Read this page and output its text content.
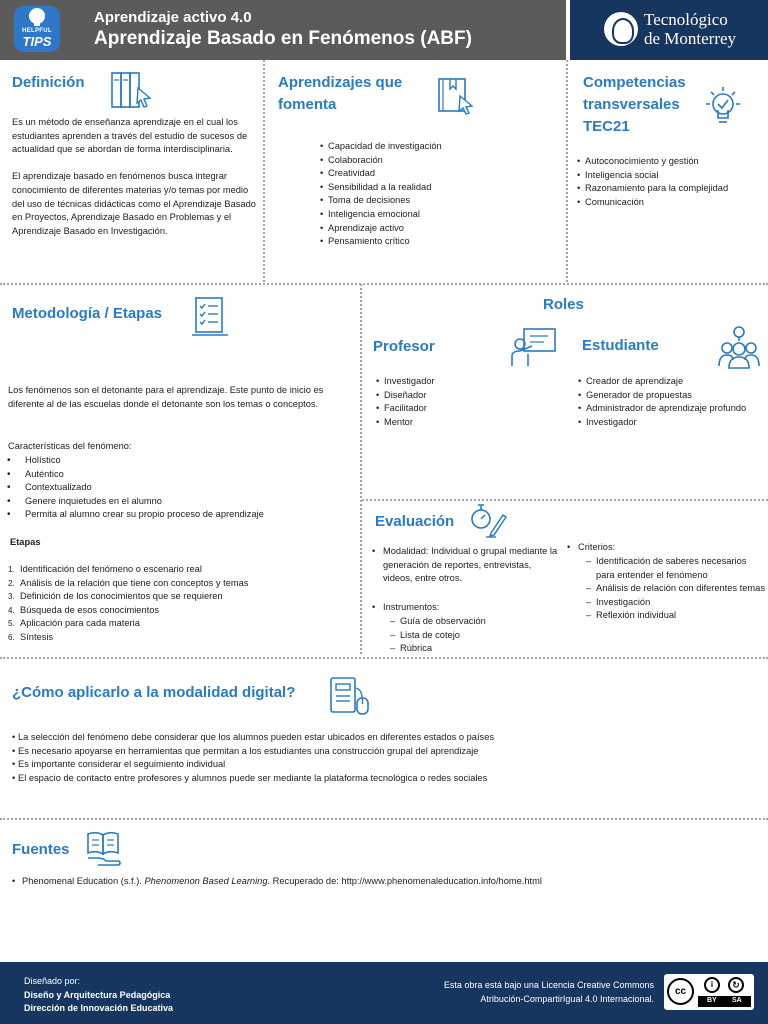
HELPFUL
TIPS
Aprendizaje activo 4.0
Aprendizaje Basado en Fenómenos (ABF)
Tecnológico
de Monterrey
Definición

Es un método de enseñanza aprendizaje en el cual los estudiantes aprenden a través del estudio de sucesos de actualidad que se abordan de forma interdisciplinaria.

El aprendizaje basado en fenómenos busca integrar conocimiento de diferentes materias y/o temas por medio del uso de técnicas didácticas como el Aprendizaje Basado en Proyectos, Aprendizaje Basado en Problemas y el Aprendizaje Basado en Investigación.

Aprendizajes que
fomenta
• Capacidad de investigación
• Colaboración
• Creatividad
• Sensibilidad a la realidad
• Toma de decisiones
• Inteligencia emocional
• Aprendizaje activo
• Pensamiento crítico
Competencias
transversales
TEC21
• Autoconocimiento y gestión
• Inteligencia social
• Razonamiento para la complejidad
• Comunicación
Metodología / Etapas
Los fenómenos son el detonante para el aprendizaje. Este punto de inicio es diferente al de las escuelas donde el detonante son los temas o conceptos.
Características del fenómeno:
• Holístico
• Auténtico
• Contextualizado
• Genere inquietudes en el alumno
• Permita al alumno crear su propio proceso de aprendizaje
Etapas
1. Identificación del fenómeno o escenario real
2. Análisis de la relación que tiene con conceptos y temas
3. Definición de los conocimientos que se requieren
4. Búsqueda de esos conocimientos
5. Aplicación para cada materia
6. Síntesis
Roles
Profesor
• Investigador
• Diseñador
• Facilitador
• Mentor
Estudiante
• Creador de aprendizaje
• Generador de propuestas
• Administrador de aprendizaje profundo
• Investigador
Evaluación
• Modalidad: Individual o grupal mediante la generación de reportes, entrevistas, videos, entre otros.
• Instrumentos:
– Guía de observación
– Lista de cotejo
– Rúbrica
• Criterios:
– Identificación de saberes necesarios para entender el fenómeno
– Análisis de relación con diferentes temas
– Investigación
– Reflexión individual
¿Cómo aplicarlo a la modalidad digital?
• La selección del fenómeno debe considerar que los alumnos pueden estar ubicados en diferentes estados o países
• Es necesario apoyarse en herramientas que permitan a los estudiantes una construcción grupal del aprendizaje
• Es importante considerar el seguimiento individual
• El espacio de contacto entre profesores y alumnos puede ser mediante la plataforma tecnológica o redes sociales
Fuentes
• Phenomenal Education (s.f.). Phenomenon Based Learning. Recuperado de: http://www.phenomenaleducation.info/home.html
Diseñado por:
Diseño y Arquitectura Pedagógica
Dirección de Innovación Educativa
Esta obra está bajo una Licencia Creative Commons
Atribución-CompartirIgual 4.0 Internacional.
cc
i	↻
BY SA
